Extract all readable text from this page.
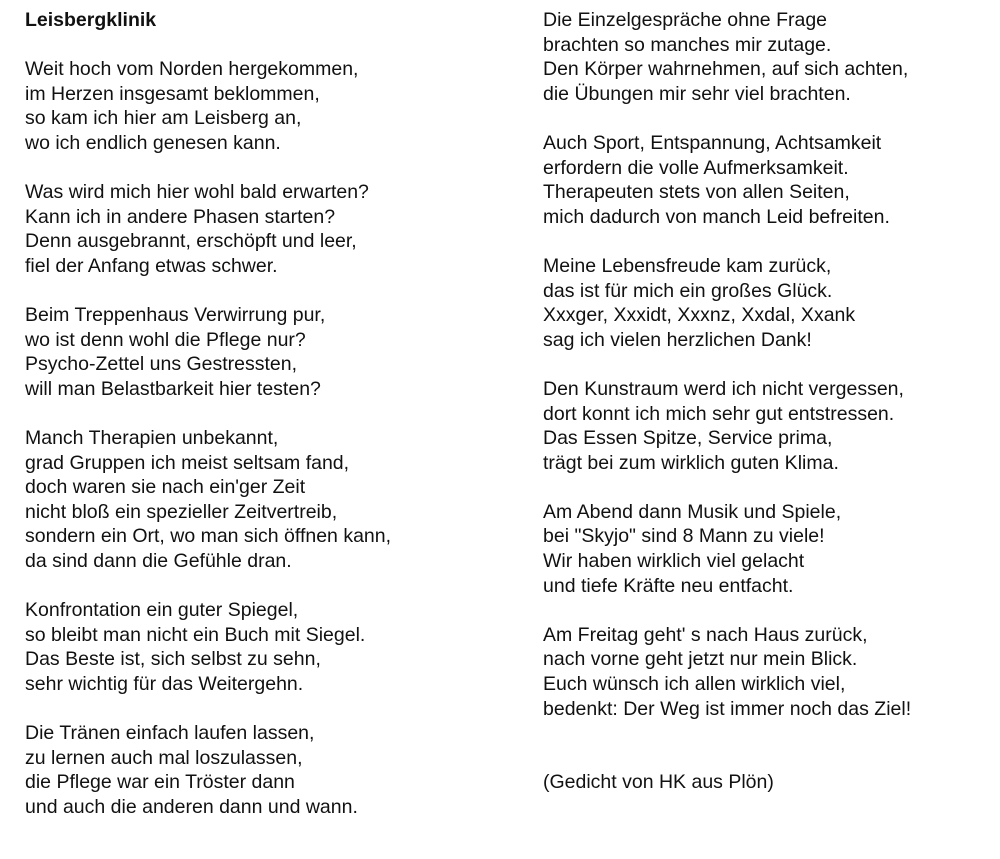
Leisbergklinik
Weit hoch vom Norden hergekommen,
im Herzen insgesamt beklommen,
so kam ich hier am Leisberg an,
wo ich endlich genesen kann.
Was wird mich hier wohl bald erwarten?
Kann ich in andere Phasen starten?
Denn ausgebrannt, erschöpft und leer,
fiel der Anfang etwas schwer.
Beim Treppenhaus Verwirrung pur,
wo ist denn wohl die Pflege nur?
Psycho-Zettel uns Gestressten,
will man Belastbarkeit hier testen?
Manch Therapien unbekannt,
grad Gruppen ich meist seltsam fand,
doch waren sie nach ein'ger Zeit
nicht bloß ein spezieller Zeitvertreib,
sondern ein Ort, wo man sich öffnen kann,
da sind dann die Gefühle dran.
Konfrontation ein guter Spiegel,
so bleibt man nicht ein Buch mit Siegel.
Das Beste ist, sich selbst zu sehn,
sehr wichtig für das Weitergehn.
Die Tränen einfach laufen lassen,
zu lernen auch mal loszulassen,
die Pflege war ein Tröster dann
und auch die anderen dann und wann.
Die Einzelgespräche ohne Frage
brachten so manches mir zutage.
Den Körper wahrnehmen, auf sich achten,
die Übungen mir sehr viel brachten.
Auch Sport, Entspannung, Achtsamkeit
erfordern die volle Aufmerksamkeit.
Therapeuten stets von allen Seiten,
mich dadurch von manch Leid befreiten.
Meine Lebensfreude kam zurück,
das ist für mich ein großes Glück.
Xxxger, Xxxidt, Xxxnz, Xxdal, Xxank
sag ich vielen herzlichen Dank!
Den Kunstraum werd ich nicht vergessen,
dort konnt ich mich sehr gut entstressen.
Das Essen Spitze, Service prima,
trägt bei zum wirklich guten Klima.
Am Abend dann Musik und Spiele,
bei "Skyjo" sind 8 Mann zu viele!
Wir haben wirklich viel gelacht
und tiefe Kräfte neu entfacht.
Am Freitag geht' s nach Haus zurück,
nach vorne geht jetzt nur mein Blick.
Euch wünsch ich allen wirklich viel,
bedenkt: Der Weg ist immer noch das Ziel!
(Gedicht von HK aus Plön)
